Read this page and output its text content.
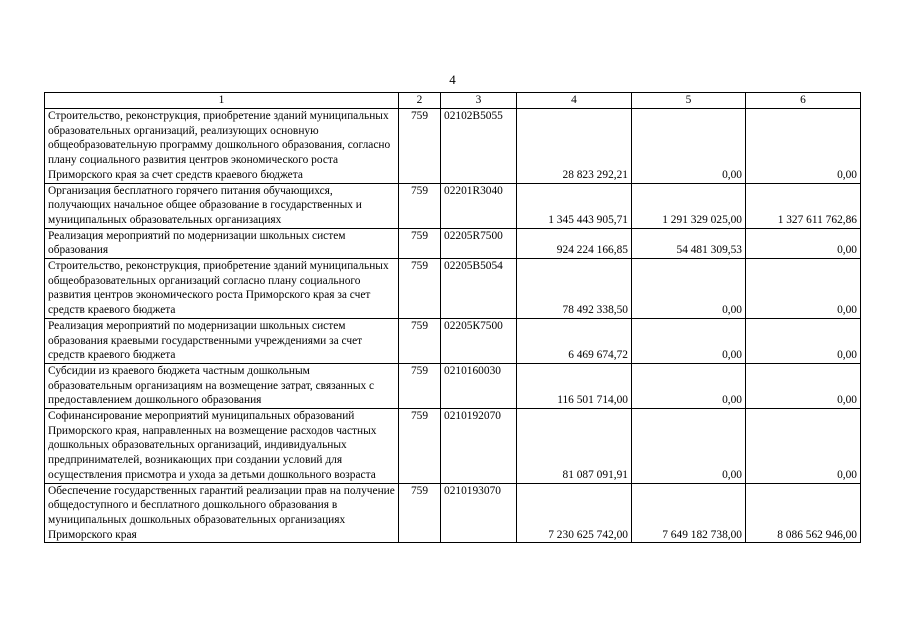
4
1	2	3	4	5	6
Строительство, реконструкция, приобретение зданий муниципальных образовательных организаций, реализующих основную общеобразовательную программу дошкольного образования, согласно плану социального развития центров экономического роста Приморского края за счет средств краевого бюджета	759	02102В5055	28 823 292,21	0,00	0,00
Организация бесплатного горячего питания обучающихся, получающих начальное общее образование в государственных и муниципальных образовательных организациях	759	02201R3040	1 345 443 905,71	1 291 329 025,00	1 327 611 762,86
Реализация мероприятий по модернизации школьных систем образования	759	02205R7500	924 224 166,85	54 481 309,53	0,00
Строительство, реконструкция, приобретение зданий муниципальных общеобразовательных организаций согласно плану социального развития центров экономического роста Приморского края за счет средств краевого бюджета	759	02205В5054	78 492 338,50	0,00	0,00
Реализация мероприятий по модернизации школьных систем образования краевыми государственными учреждениями за счет средств краевого бюджета	759	02205К7500	6 469 674,72	0,00	0,00
Субсидии из краевого бюджета частным дошкольным образовательным организациям на возмещение затрат, связанных с предоставлением дошкольного образования	759	0210160030	116 501 714,00	0,00	0,00
Софинансирование мероприятий муниципальных образований Приморского края, направленных на возмещение расходов частных дошкольных образовательных организаций, индивидуальных предпринимателей, возникающих при создании условий для осуществления присмотра и ухода за детьми дошкольного возраста	759	0210192070	81 087 091,91	0,00	0,00
Обеспечение государственных гарантий реализации прав на получение общедоступного и бесплатного дошкольного образования в муниципальных дошкольных образовательных организациях Приморского края	759	0210193070	7 230 625 742,00	7 649 182 738,00	8 086 562 946,00
